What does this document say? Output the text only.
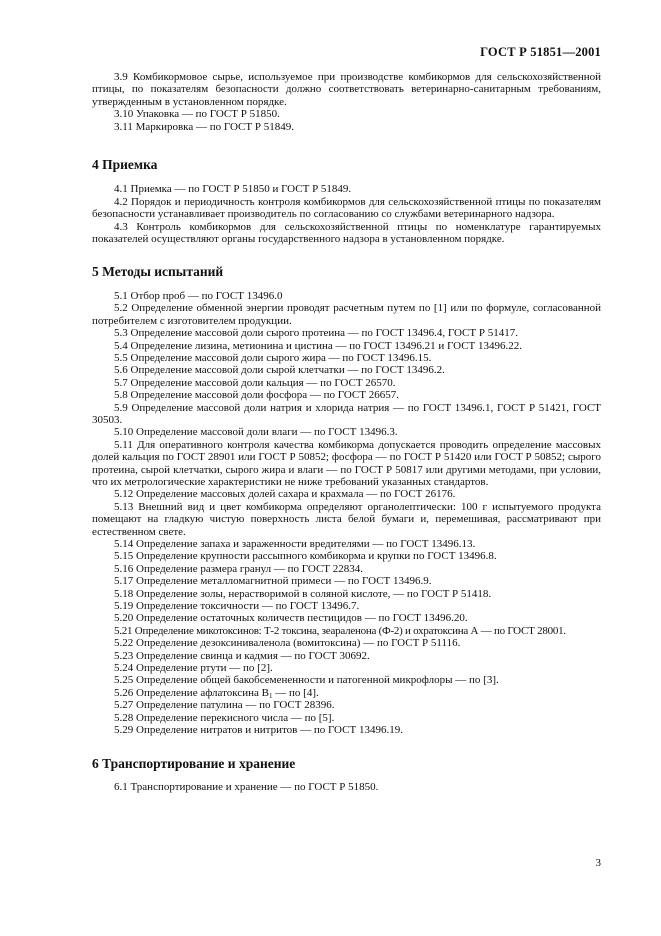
ГОСТ Р 51851—2001

3.9 Комбикормовое сырье, используемое при производстве комбикормов для сельскохозяйственной птицы, по показателям безопасности должно соответствовать ветеринарно-санитарным требованиям, утвержденным в установленном порядке.

3.10 Упаковка — по ГОСТ Р 51850.

3.11 Маркировка — по ГОСТ Р 51849.

4 Приемка

4.1 Приемка — по ГОСТ Р 51850 и ГОСТ Р 51849.

4.2 Порядок и периодичность контроля комбикормов для сельскохозяйственной птицы по показателям безопасности устанавливает производитель по согласованию со службами ветеринарного надзора.

4.3 Контроль комбикормов для сельскохозяйственной птицы по номенклатуре гарантируемых показателей осуществляют органы государственного надзора в установленном порядке.

5 Методы испытаний

5.1 Отбор проб — по ГОСТ 13496.0

5.2 Определение обменной энергии проводят расчетным путем по [1] или по формуле, согласованной потребителем с изготовителем продукции.

5.3 Определение массовой доли сырого протеина — по ГОСТ 13496.4, ГОСТ Р 51417.

5.4 Определение лизина, метионина и цистина — по ГОСТ 13496.21 и ГОСТ 13496.22.

5.5 Определение массовой доли сырого жира — по ГОСТ 13496.15.

5.6 Определение массовой доли сырой клетчатки — по ГОСТ 13496.2.

5.7 Определение массовой доли кальция — по ГОСТ 26570.

5.8 Определение массовой доли фосфора — по ГОСТ 26657.

5.9 Определение массовой доли натрия и хлорида натрия — по ГОСТ 13496.1, ГОСТ Р 51421, ГОСТ 30503.

5.10 Определение массовой доли влаги — по ГОСТ 13496.3.

5.11 Для оперативного контроля качества комбикорма допускается проводить определение массовых долей кальция по ГОСТ 28901 или ГОСТ Р 50852; фосфора — по ГОСТ Р 51420 или ГОСТ Р 50852; сырого протеина, сырой клетчатки, сырого жира и влаги — по ГОСТ Р 50817 или другими методами, при условии, что их метрологические характеристики не ниже требований указанных стандартов.

5.12 Определение массовых долей сахара и крахмала — по ГОСТ 26176.

5.13 Внешний вид и цвет комбикорма определяют органолептически: 100 г испытуемого продукта помещают на гладкую чистую поверхность листа белой бумаги и, перемешивая, рассматривают при естественном свете.

5.14 Определение запаха и зараженности вредителями — по ГОСТ 13496.13.

5.15 Определение крупности рассыпного комбикорма и крупки по ГОСТ 13496.8.

5.16 Определение размера гранул — по ГОСТ 22834.

5.17 Определение металломагнитной примеси — по ГОСТ 13496.9.

5.18 Определение золы, нерастворимой в соляной кислоте, — по ГОСТ Р 51418.

5.19 Определение токсичности — по ГОСТ 13496.7.

5.20 Определение остаточных количеств пестицидов — по ГОСТ 13496.20.

5.21 Определение микотоксинов: Т-2 токсина, зеараленона (Ф-2) и охратоксина А — по ГОСТ 28001.

5.22 Определение дезоксиниваленола (вомитоксина) — по ГОСТ Р 51116.

5.23 Определение свинца и кадмия — по ГОСТ 30692.

5.24 Определение ртути — по [2].

5.25 Определение общей бакобсемененности и патогенной микрофлоры — по [3].

5.26 Определение афлатоксина $В_1$ — по [4].

5.27 Определение патулина — по ГОСТ 28396.

5.28 Определение перекисного числа — по [5].

5.29 Определение нитратов и нитритов — по ГОСТ 13496.19.

6 Транспортирование и хранение

6.1 Транспортирование и хранение — по ГОСТ Р 51850.

3
